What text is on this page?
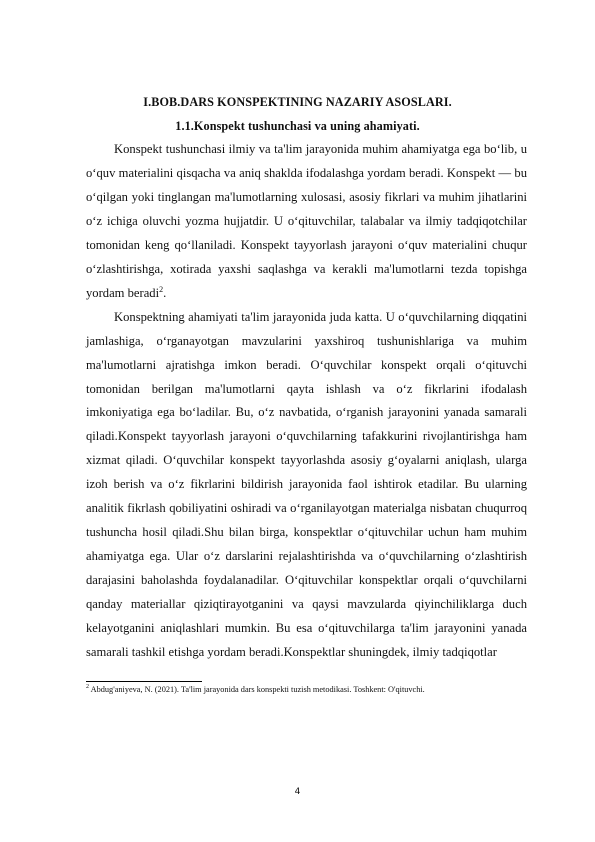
I.BOB.DARS KONSPEKTINING NAZARIY ASOSLARI.
1.1.Konspekt tushunchasi va uning ahamiyati.

Konspekt tushunchasi ilmiy va ta'lim jarayonida muhim ahamiyatga ega bo‘lib, u o‘quv materialini qisqacha va aniq shaklda ifodalashga yordam beradi. Konspekt — bu o‘qilgan yoki tinglangan ma'lumotlarning xulosasi, asosiy fikrlari va muhim jihatlarini o‘z ichiga oluvchi yozma hujjatdir. U o‘qituvchilar, talabalar va ilmiy tadqiqotchilar tomonidan keng qo‘llaniladi. Konspekt tayyorlash jarayoni o‘quv materialini chuqur o‘zlashtirishga, xotirada yaxshi saqlashga va kerakli ma'lumotlarni tezda topishga yordam beradi$^2$.

Konspektning ahamiyati ta'lim jarayonida juda katta. U o‘quvchilarning diqqatini jamlashiga, o‘rganayotgan mavzularini yaxshiroq tushunishlariga va muhim ma'lumotlarni ajratishga imkon beradi. O‘quvchilar konspekt orqali o‘qituvchi tomonidan berilgan ma'lumotlarni qayta ishlash va o‘z fikrlarini ifodalash imkoniyatiga ega bo‘ladilar. Bu, o‘z navbatida, o‘rganish jarayonini yanada samarali qiladi.Konspekt tayyorlash jarayoni o‘quvchilarning tafakkurini rivojlantirishga ham xizmat qiladi. O‘quvchilar konspekt tayyorlashda asosiy g‘oyalarni aniqlash, ularga izoh berish va o‘z fikrlarini bildirish jarayonida faol ishtirok etadilar. Bu ularning analitik fikrlash qobiliyatini oshiradi va o‘rganilayotgan materialga nisbatan chuqurroq tushuncha hosil qiladi.Shu bilan birga, konspektlar o‘qituvchilar uchun ham muhim ahamiyatga ega. Ular o‘z darslarini rejalashtirishda va o‘quvchilarning o‘zlashtirish darajasini baholashda foydalanadilar. O‘qituvchilar konspektlar orqali o‘quvchilarni qanday materiallar qiziqtirayotganini va qaysi mavzularda qiyinchiliklarga duch kelayotganini aniqlashlari mumkin. Bu esa o‘qituvchilarga ta'lim jarayonini yanada samarali tashkil etishga yordam beradi.Konspektlar shuningdek, ilmiy tadqiqotlar

$^2$ Abdug'aniyeva, N. (2021). Ta'lim jarayonida dars konspekti tuzish metodikasi. Toshkent: O'qituvchi.
4
